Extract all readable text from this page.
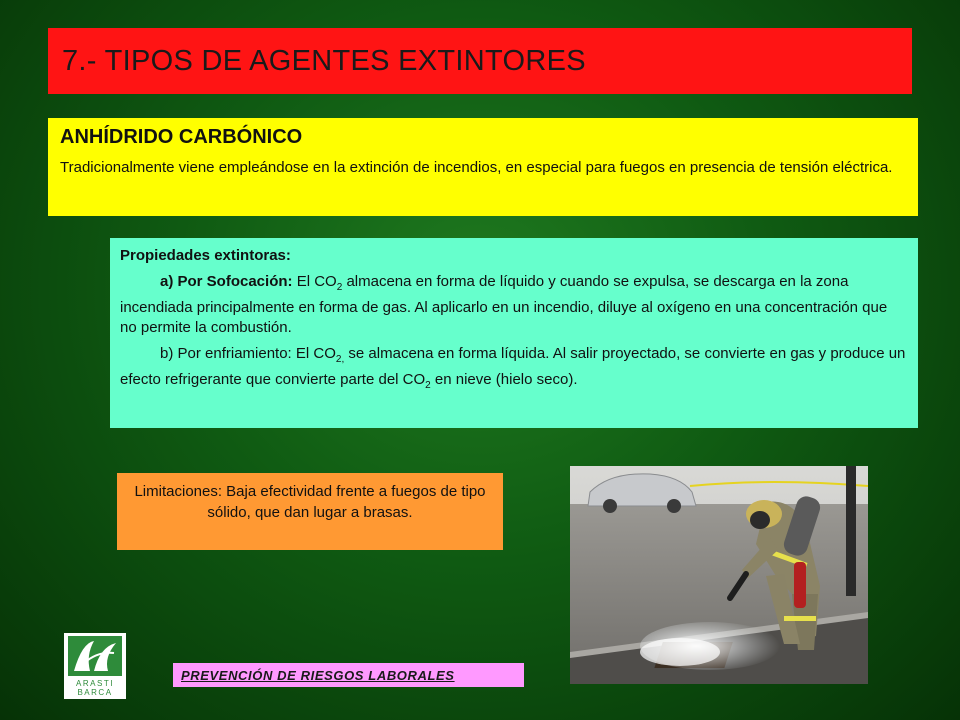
7.- TIPOS DE AGENTES EXTINTORES
ANHÍDRIDO CARBÓNICO
Tradicionalmente viene empleándose en la extinción de incendios, en especial para fuegos en presencia de tensión eléctrica.
Propiedades extintoras:
a) Por Sofocación: El $CO_2$ almacena en forma de líquido y cuando se expulsa, se descarga en la zona incendiada principalmente en forma de gas. Al aplicarlo en un incendio, diluye al oxígeno en una concentración que no permite la combustión.
b) Por enfriamiento: El $CO_{2,}$ se almacena en forma líquida. Al salir proyectado, se convierte en gas y produce un efecto refrigerante que convierte parte del $CO_2$ en nieve (hielo seco).
Limitaciones: Baja efectividad frente a fuegos de tipo sólido, que dan lugar a brasas.
ARASTI
BARCA
PREVENCIÓN DE RIESGOS LABORALES
